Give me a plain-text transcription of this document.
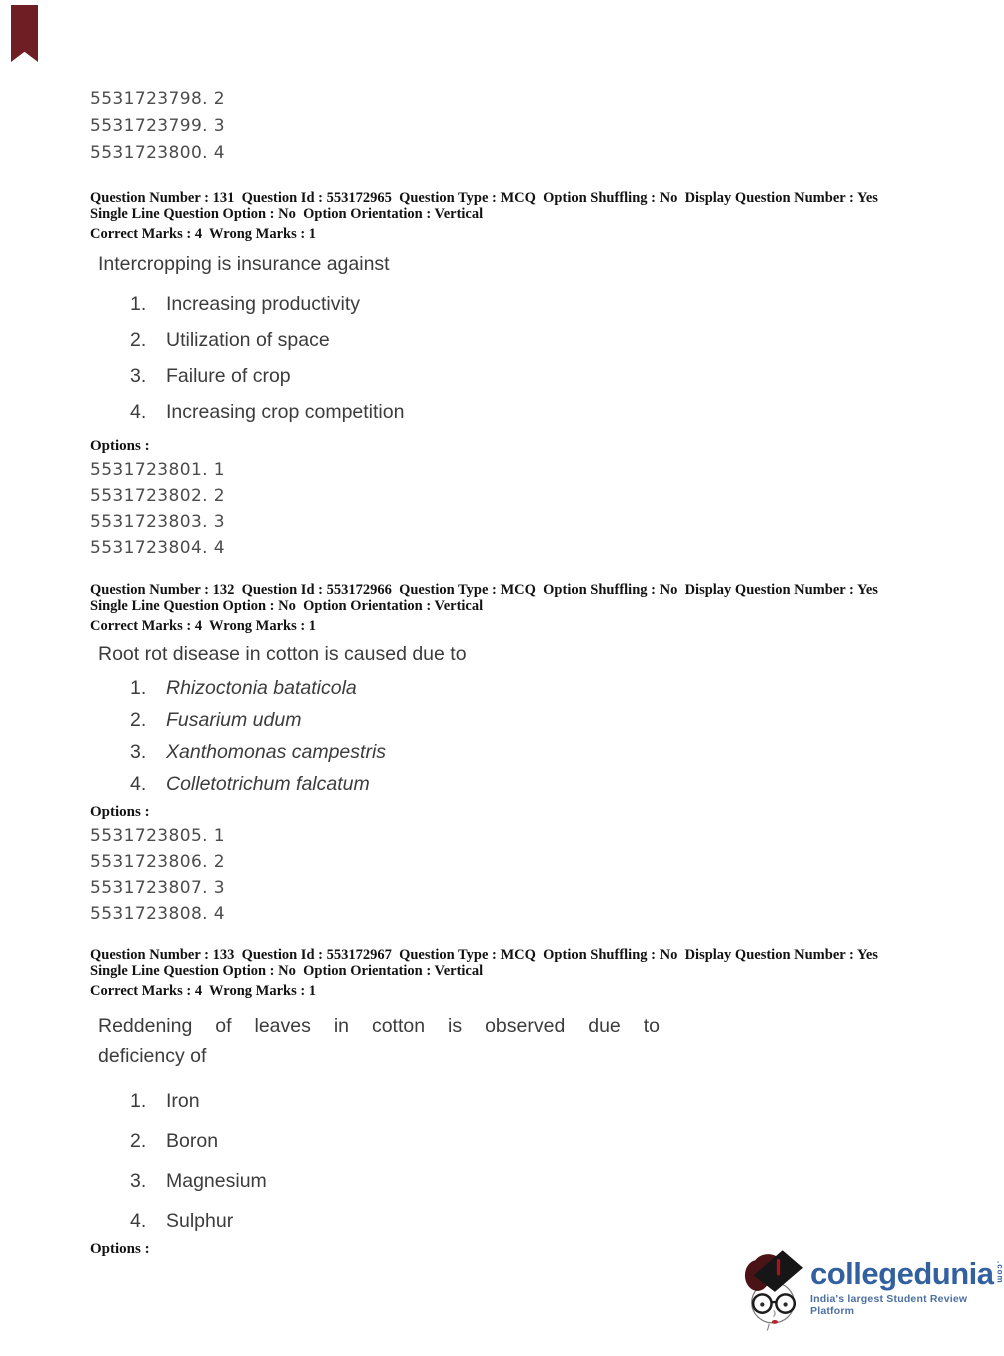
5531723798. 2
5531723799. 3
5531723800. 4
Question Number : 131  Question Id : 553172965  Question Type : MCQ  Option Shuffling : No  Display Question Number : Yes
Single Line Question Option : No  Option Orientation : Vertical
Correct Marks : 4  Wrong Marks : 1
Intercropping is insurance against
1.	Increasing productivity
2.	Utilization of space
3.	Failure of crop
4.	Increasing crop competition
Options :
5531723801. 1
5531723802. 2
5531723803. 3
5531723804. 4
Question Number : 132  Question Id : 553172966  Question Type : MCQ  Option Shuffling : No  Display Question Number : Yes
Single Line Question Option : No  Option Orientation : Vertical
Correct Marks : 4  Wrong Marks : 1
Root rot disease in cotton is caused due to
1.	Rhizoctonia bataticola
2.	Fusarium udum
3.	Xanthomonas campestris
4.	Colletotrichum falcatum
Options :
5531723805. 1
5531723806. 2
5531723807. 3
5531723808. 4
Question Number : 133  Question Id : 553172967  Question Type : MCQ  Option Shuffling : No  Display Question Number : Yes
Single Line Question Option : No  Option Orientation : Vertical
Correct Marks : 4  Wrong Marks : 1
Reddening of leaves in cotton is observed due to
deficiency of
1.	Iron
2.	Boron
3.	Magnesium
4.	Sulphur
Options :
collegedunia .com
India's largest Student Review Platform
